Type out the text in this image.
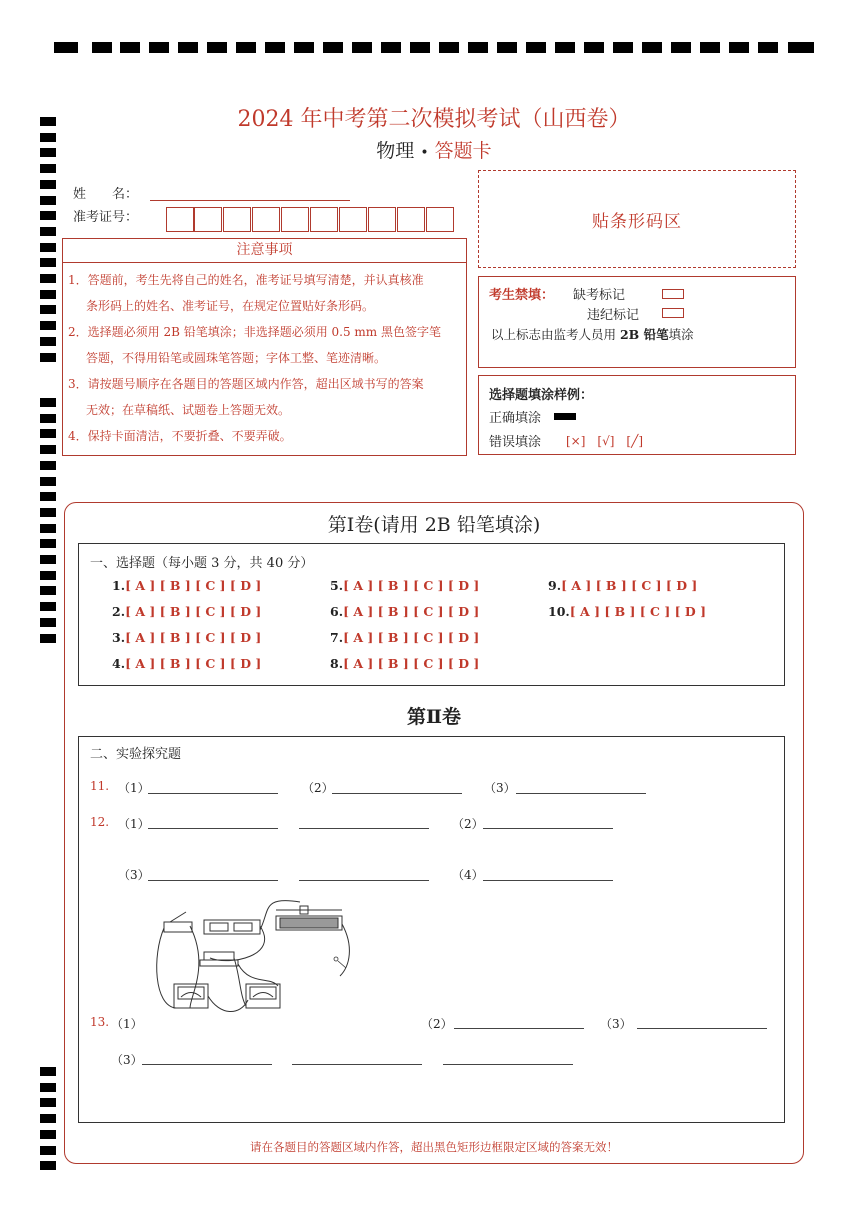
2024 年中考第二次模拟考试（山西卷）
物理 • 答题卡
姓　　名：
准考证号：	贴条形码区
注意事项
1．答题前，考生先将自己的姓名，准考证号填写清楚，并认真核准
条形码上的姓名、准考证号，在规定位置贴好条形码。
2．选择题必须用 2B 铅笔填涂；非选择题必须用 0.5 mm 黑色签字笔
答题，不得用铅笔或圆珠笔答题；字体工整、笔迹清晰。
3．请按题号顺序在各题目的答题区域内作答，超出区域书写的答案
无效；在草稿纸、试题卷上答题无效。
4．保持卡面清洁，不要折叠、不要弄破。
考生禁填： 缺考标记
违纪标记
以上标志由监考人员用 2B 铅笔填涂
选择题填涂样例：
正确填涂
错误填涂 [×]　[√]　[╱]
第Ⅰ卷(请用 2B 铅笔填涂)
一、选择题（每小题 3 分，共 40 分）
1.[ A ] [ B ] [ C ] [ D ]
2.[ A ] [ B ] [ C ] [ D ]
3.[ A ] [ B ] [ C ] [ D ]
4.[ A ] [ B ] [ C ] [ D ]
5.[ A ] [ B ] [ C ] [ D ]
6.[ A ] [ B ] [ C ] [ D ]
7.[ A ] [ B ] [ C ] [ D ]
8.[ A ] [ B ] [ C ] [ D ]
9.[ A ] [ B ] [ C ] [ D ]
10.[ A ] [ B ] [ C ] [ D ]
第Ⅱ卷
二、实验探究题
11. （1）	（2）	（3）
12. （1）	（2）
（3）	（4）
13. （1）	（2）	（3）
（3）
请在各题目的答题区域内作答，超出黑色矩形边框限定区域的答案无效！
